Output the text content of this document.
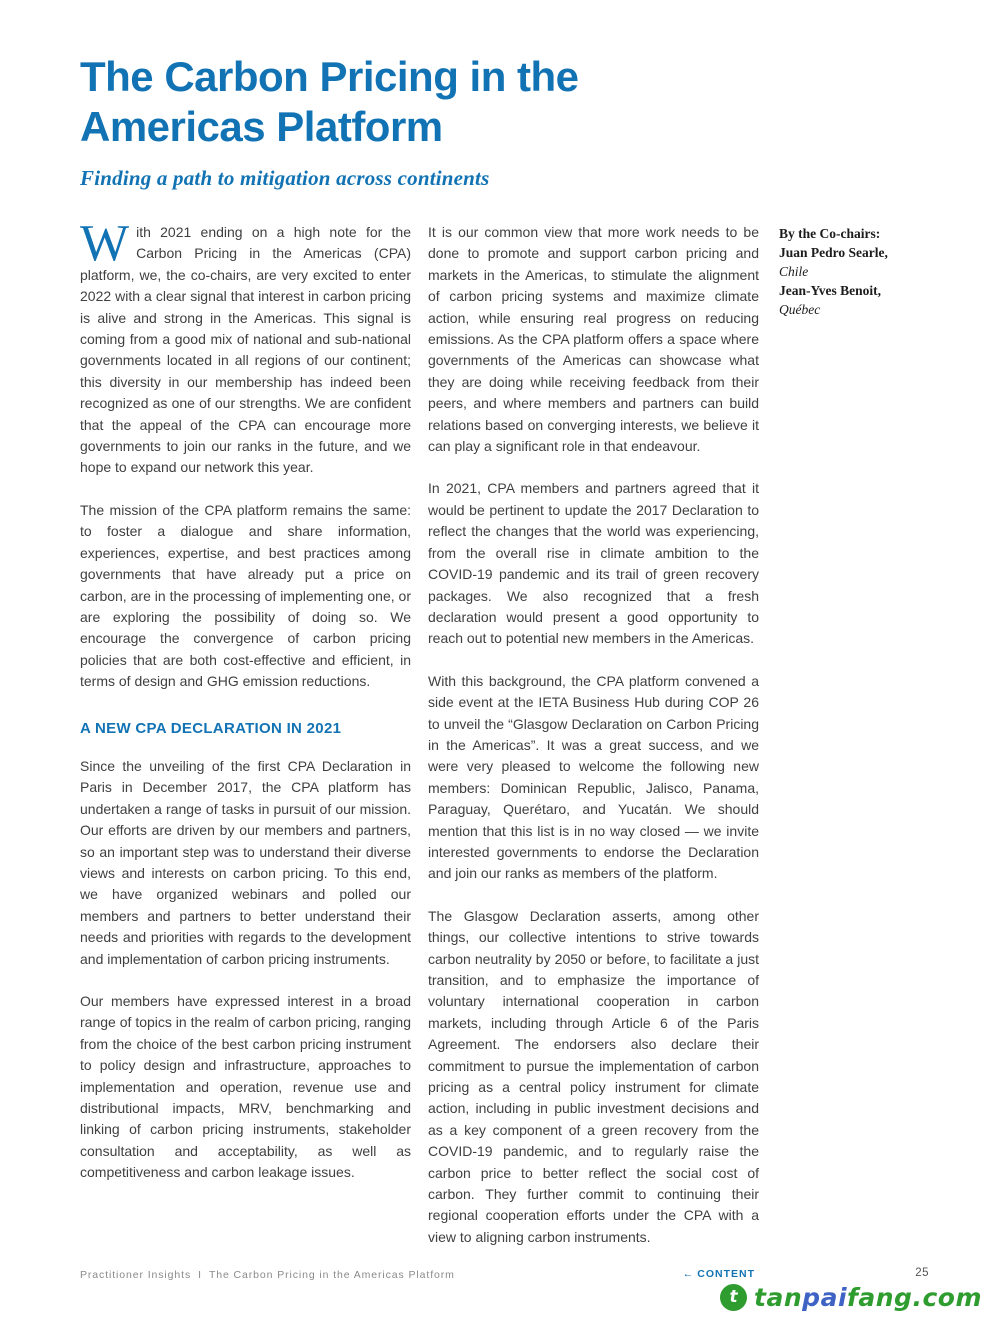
The Carbon Pricing in the Americas Platform
Finding a path to mitigation across continents

With 2021 ending on a high note for the Carbon Pricing in the Americas (CPA) platform, we, the co-chairs, are very excited to enter 2022 with a clear signal that interest in carbon pricing is alive and strong in the Americas. This signal is coming from a good mix of national and sub-national governments located in all regions of our continent; this diversity in our membership has indeed been recognized as one of our strengths. We are confident that the appeal of the CPA can encourage more governments to join our ranks in the future, and we hope to expand our network this year.

The mission of the CPA platform remains the same: to foster a dialogue and share information, experiences, expertise, and best practices among governments that have already put a price on carbon, are in the processing of implementing one, or are exploring the possibility of doing so. We encourage the convergence of carbon pricing policies that are both cost-effective and efficient, in terms of design and GHG emission reductions.

A NEW CPA DECLARATION IN 2021

Since the unveiling of the first CPA Declaration in Paris in December 2017, the CPA platform has undertaken a range of tasks in pursuit of our mission. Our efforts are driven by our members and partners, so an important step was to understand their diverse views and interests on carbon pricing. To this end, we have organized webinars and polled our members and partners to better understand their needs and priorities with regards to the development and implementation of carbon pricing instruments.

Our members have expressed interest in a broad range of topics in the realm of carbon pricing, ranging from the choice of the best carbon pricing instrument to policy design and infrastructure, approaches to implementation and operation, revenue use and distributional impacts, MRV, benchmarking and linking of carbon pricing instruments, stakeholder consultation and acceptability, as well as competitiveness and carbon leakage issues.

It is our common view that more work needs to be done to promote and support carbon pricing and markets in the Americas, to stimulate the alignment of carbon pricing systems and maximize climate action, while ensuring real progress on reducing emissions. As the CPA platform offers a space where governments of the Americas can showcase what they are doing while receiving feedback from their peers, and where members and partners can build relations based on converging interests, we believe it can play a significant role in that endeavour.

In 2021, CPA members and partners agreed that it would be pertinent to update the 2017 Declaration to reflect the changes that the world was experiencing, from the overall rise in climate ambition to the COVID-19 pandemic and its trail of green recovery packages. We also recognized that a fresh declaration would present a good opportunity to reach out to potential new members in the Americas.

With this background, the CPA platform convened a side event at the IETA Business Hub during COP 26 to unveil the “Glasgow Declaration on Carbon Pricing in the Americas”. It was a great success, and we were very pleased to welcome the following new members: Dominican Republic, Jalisco, Panama, Paraguay, Querétaro, and Yucatán. We should mention that this list is in no way closed — we invite interested governments to endorse the Declaration and join our ranks as members of the platform.

The Glasgow Declaration asserts, among other things, our collective intentions to strive towards carbon neutrality by 2050 or before, to facilitate a just transition, and to emphasize the importance of voluntary international cooperation in carbon markets, including through Article 6 of the Paris Agreement. The endorsers also declare their commitment to pursue the implementation of carbon pricing as a central policy instrument for climate action, including in public investment decisions and as a key component of a green recovery from the COVID-19 pandemic, and to regularly raise the carbon price to better reflect the social cost of carbon. They further commit to continuing their regional cooperation efforts under the CPA with a view to aligning carbon instruments.

By the Co-chairs:
Juan Pedro Searle,
Chile
Jean-Yves Benoit,
Québec
Practitioner Insights I The Carbon Pricing in the Americas Platform	← CONTENT	25
t tanpaifang.com
